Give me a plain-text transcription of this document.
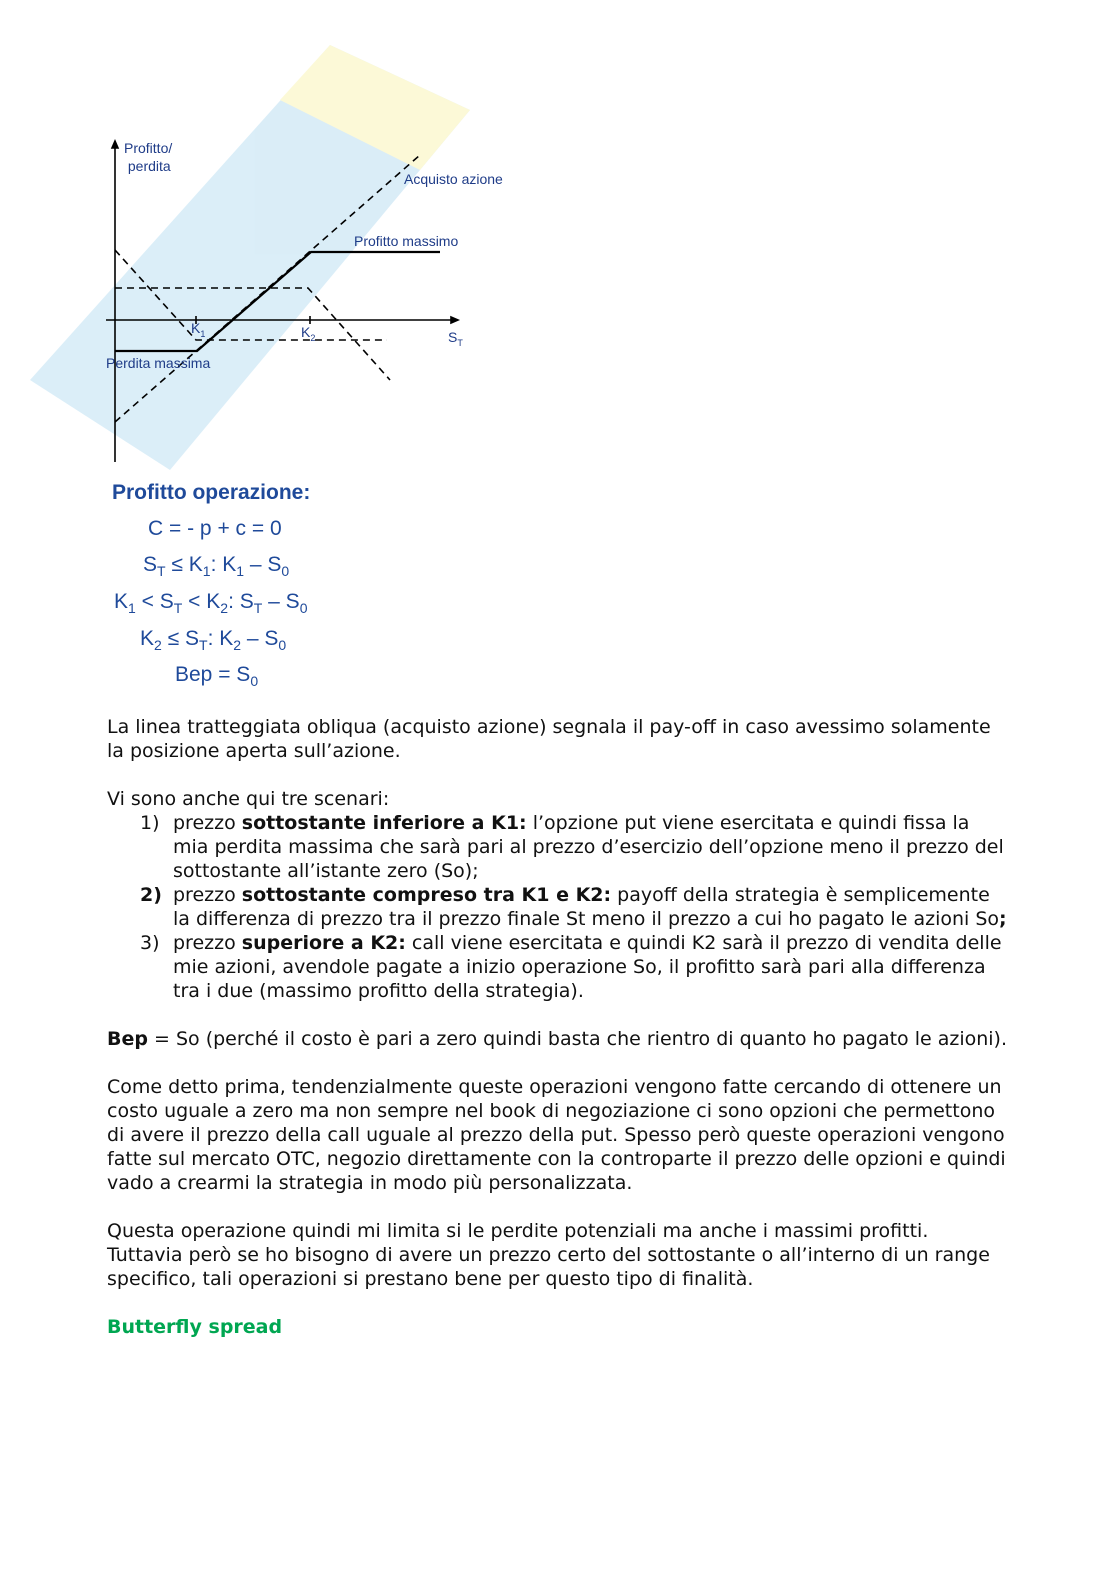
Profitto/
perdita
Acquisto azione
Profitto massimo
Perdita massima
$S_T$
$K_1$	$K_2$
Profitto operazione:
C = - p + c = 0
$S_T \le K_1$: $K_1 - S_0$
$K_1 < S_T < K_2$: $S_T - S_0$
$K_2 \le S_T$: $K_2 - S_0$
Bep = $S_0$

La linea tratteggiata obliqua (acquisto azione) segnala il pay-off in caso avessimo solamente la posizione aperta sull’azione.

Vi sono anche qui tre scenari:

1) prezzo sottostante inferiore a K1: l’opzione put viene esercitata e quindi fissa la mia perdita massima che sarà pari al prezzo d’esercizio dell’opzione meno il prezzo del sottostante all’istante zero (So);
2) prezzo sottostante compreso tra K1 e K2: payoff della strategia è semplicemente la differenza di prezzo tra il prezzo finale St meno il prezzo a cui ho pagato le azioni So;
3) prezzo superiore a K2: call viene esercitata e quindi K2 sarà il prezzo di vendita delle mie azioni, avendole pagate a inizio operazione So, il profitto sarà pari alla differenza tra i due (massimo profitto della strategia).

Bep = So (perché il costo è pari a zero quindi basta che rientro di quanto ho pagato le azioni).

Come detto prima, tendenzialmente queste operazioni vengono fatte cercando di ottenere un costo uguale a zero ma non sempre nel book di negoziazione ci sono opzioni che permettono di avere il prezzo della call uguale al prezzo della put. Spesso però queste operazioni vengono fatte sul mercato OTC, negozio direttamente con la controparte il prezzo delle opzioni e quindi vado a crearmi la strategia in modo più personalizzata.

Questa operazione quindi mi limita si le perdite potenziali ma anche i massimi profitti. Tuttavia però se ho bisogno di avere un prezzo certo del sottostante o all’interno di un range specifico, tali operazioni si prestano bene per questo tipo di finalità.

Butterfly spread
